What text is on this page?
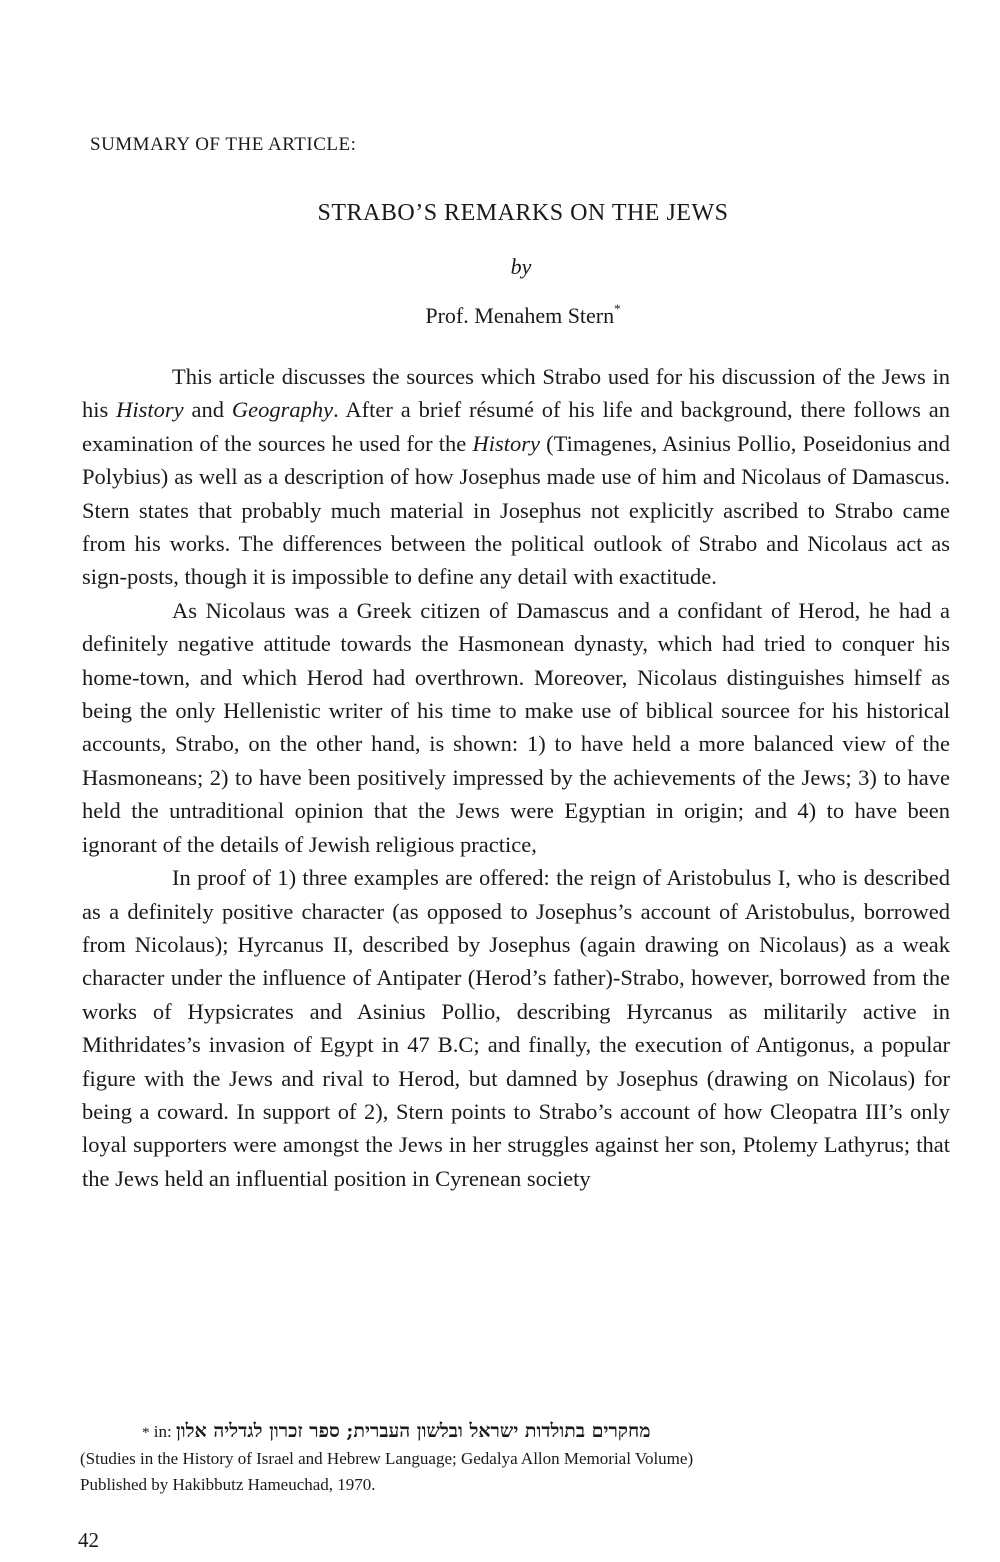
SUMMARY OF THE ARTICLE:
STRABO’S REMARKS ON THE JEWS
by
Prof. Menahem Stern*

This article discusses the sources which Strabo used for his discussion of the Jews in his History and Geography. After a brief résumé of his life and background, there follows an examination of the sources he used for the History (Timagenes, Asinius Pollio, Poseidonius and Polybius) as well as a description of how Josephus made use of him and Nicolaus of Damascus. Stern states that probably much material in Josephus not explicitly ascribed to Strabo came from his works. The differences between the political outlook of Strabo and Nicolaus act as sign-posts, though it is impossible to define any detail with exactitude.

As Nicolaus was a Greek citizen of Damascus and a confidant of Herod, he had a definitely negative attitude towards the Hasmonean dynasty, which had tried to conquer his home-town, and which Herod had overthrown. Moreover, Nicolaus distinguishes himself as being the only Hellenistic writer of his time to make use of biblical sourcee for his historical accounts, Strabo, on the other hand, is shown: 1) to have held a more balanced view of the Hasmoneans; 2) to have been positively impressed by the achievements of the Jews; 3) to have held the untraditional opinion that the Jews were Egyptian in origin; and 4) to have been ignorant of the details of Jewish religious practice,

In proof of 1) three examples are offered: the reign of Aristobulus I, who is described as a definitely positive character (as opposed to Josephus’s account of Aristobulus, borrowed from Nicolaus); Hyrcanus II, described by Josephus (again drawing on Nicolaus) as a weak character under the influence of Antipater (Herod’s father)-Strabo, however, borrowed from the works of Hypsicrates and Asinius Pollio, describing Hyrcanus as militarily active in Mithridates’s invasion of Egypt in 47 B.C; and finally, the execution of Antigonus, a popular figure with the Jews and rival to Herod, but damned by Josephus (drawing on Nicolaus) for being a coward. In support of 2), Stern points to Strabo’s account of how Cleopatra III’s only loyal supporters were amongst the Jews in her struggles against her son, Ptolemy Lathyrus; that the Jews held an influential position in Cyrenean society

* in: מחקרים בתולדות ישראל ובלשון העברית; ספר זכרון לגדליה אלון
(Studies in the History of Israel and Hebrew Language; Gedalya Allon Memorial Volume)
Published by Hakibbutz Hameuchad, 1970.
42
